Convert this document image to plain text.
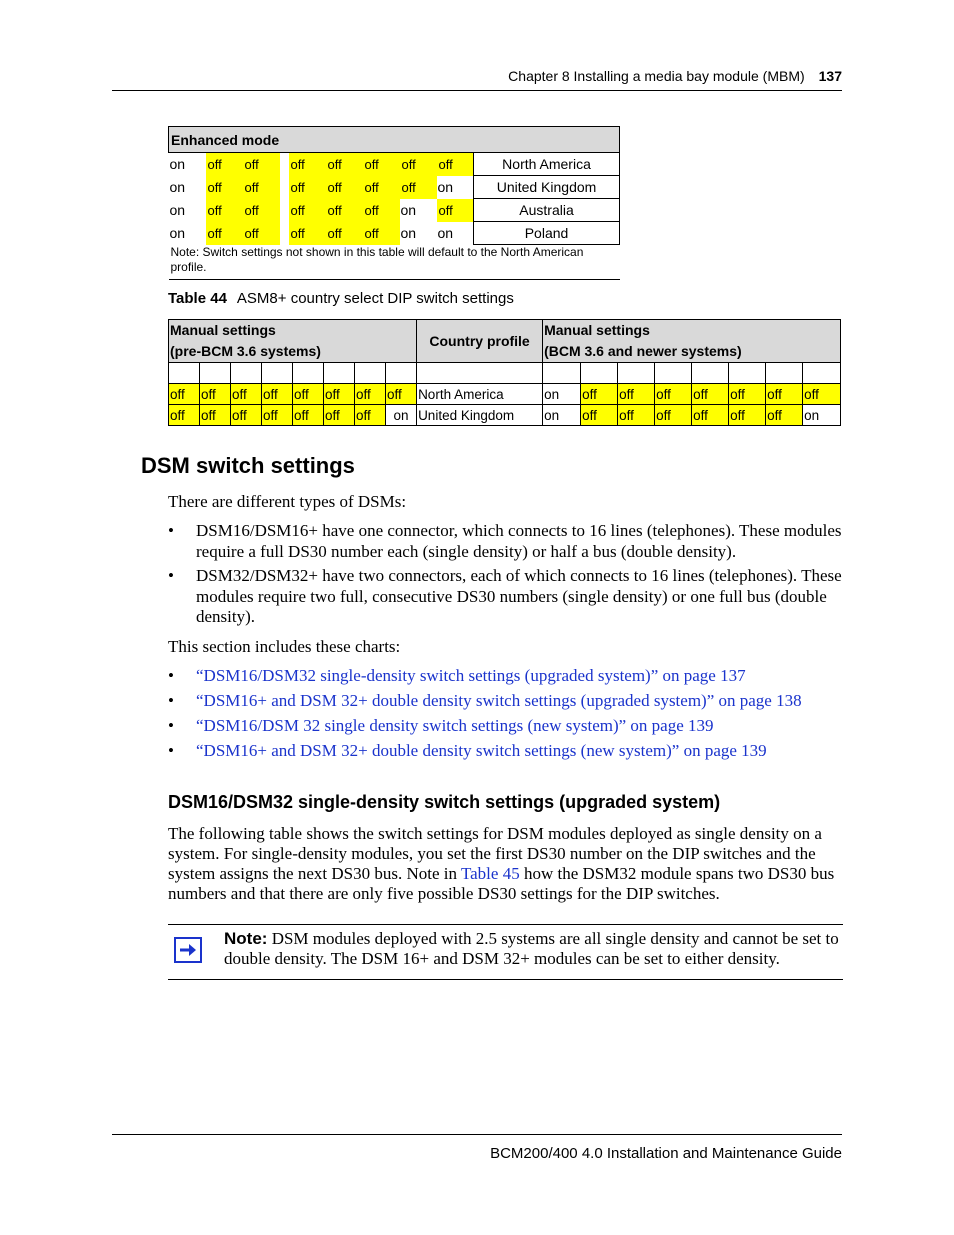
Chapter 8 Installing a media bay module (MBM) 137
Enhanced mode									
on	off	off		off	off	off	off	off	North America
on	off	off		off	off	off	off	on	United Kingdom
on	off	off		off	off	off	on	off	Australia
on	off	off		off	off	off	on	on	Poland
Note: Switch settings not shown in this table will default to the North American profile.									
Table 44 ASM8+ country select DIP switch settings
Manual settings
(pre-BCM 3.6 systems)								Country profile	Manual settings
(BCM 3.6 and newer systems)							

off	off	off	off	off	off	off	off	North America	on	off	off	off	off	off	off	off
off	off	off	off	off	off	off	on	United Kingdom	on	off	off	off	off	off	off	on
DSM switch settings
There are different types of DSMs:
• DSM16/DSM16+ have one connector, which connects to 16 lines (telephones). These modules require a full DS30 number each (single density) or half a bus (double density).
• DSM32/DSM32+ have two connectors, each of which connects to 16 lines (telephones). These modules require two full, consecutive DS30 numbers (single density) or one full bus (double density).
This section includes these charts:
• “DSM16/DSM32 single-density switch settings (upgraded system)” on page 137
• “DSM16+ and DSM 32+ double density switch settings (upgraded system)” on page 138
• “DSM16/DSM 32 single density switch settings (new system)” on page 139
• “DSM16+ and DSM 32+ double density switch settings (new system)” on page 139
DSM16/DSM32 single-density switch settings (upgraded system)
The following table shows the switch settings for DSM modules deployed as single density on a system. For single-density modules, you set the first DS30 number on the DIP switches and the system assigns the next DS30 bus. Note in Table 45 how the DSM32 module spans two DS30 bus numbers and that there are only five possible DS30 settings for the DIP switches.
Note: DSM modules deployed with 2.5 systems are all single density and cannot be set to double density. The DSM 16+ and DSM 32+ modules can be set to either density.
BCM200/400 4.0 Installation and Maintenance Guide
